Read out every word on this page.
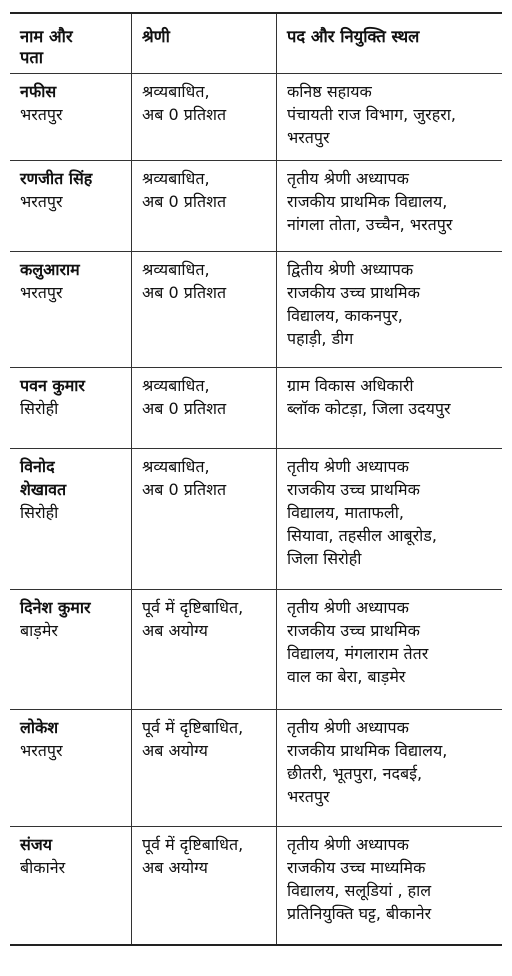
नाम और
पता
श्रेणी	पद और नियुक्ति स्थल
नफीस
भरतपुर
श्रव्यबाधित,
अब 0 प्रतिशत
कनिष्ठ सहायक
पंचायती राज विभाग, जुरहरा,
भरतपुर
रणजीत सिंह
भरतपुर
श्रव्यबाधित,
अब 0 प्रतिशत
तृतीय श्रेणी अध्यापक
राजकीय प्राथमिक विद्यालय,
नांगला तोता, उच्चैन, भरतपुर
कलुआराम
भरतपुर
श्रव्यबाधित,
अब 0 प्रतिशत
द्वितीय श्रेणी अध्यापक
राजकीय उच्च प्राथमिक
विद्यालय, काकनपुर,
पहाड़ी, डीग
पवन कुमार
सिरोही
श्रव्यबाधित,
अब 0 प्रतिशत
ग्राम विकास अधिकारी
ब्लॉक कोटड़ा, जिला उदयपुर
विनोद
शेखावत
सिरोही
श्रव्यबाधित,
अब 0 प्रतिशत
तृतीय श्रेणी अध्यापक
राजकीय उच्च प्राथमिक
विद्यालय, माताफली,
सियावा, तहसील आबूरोड,
जिला सिरोही
दिनेश कुमार
बाड़मेर
पूर्व में दृष्टिबाधित,
अब अयोग्य
तृतीय श्रेणी अध्यापक
राजकीय उच्च प्राथमिक
विद्यालय, मंगलाराम तेतर
वाल का बेरा, बाड़मेर
लोकेश
भरतपुर
पूर्व में दृष्टिबाधित,
अब अयोग्य
तृतीय श्रेणी अध्यापक
राजकीय प्राथमिक विद्यालय,
छीतरी, भूतपुरा, नदबई,
भरतपुर
संजय
बीकानेर
पूर्व में दृष्टिबाधित,
अब अयोग्य
तृतीय श्रेणी अध्यापक
राजकीय उच्च माध्यमिक
विद्यालय, सलूडियां , हाल
प्रतिनियुक्ति घट्ट, बीकानेर
